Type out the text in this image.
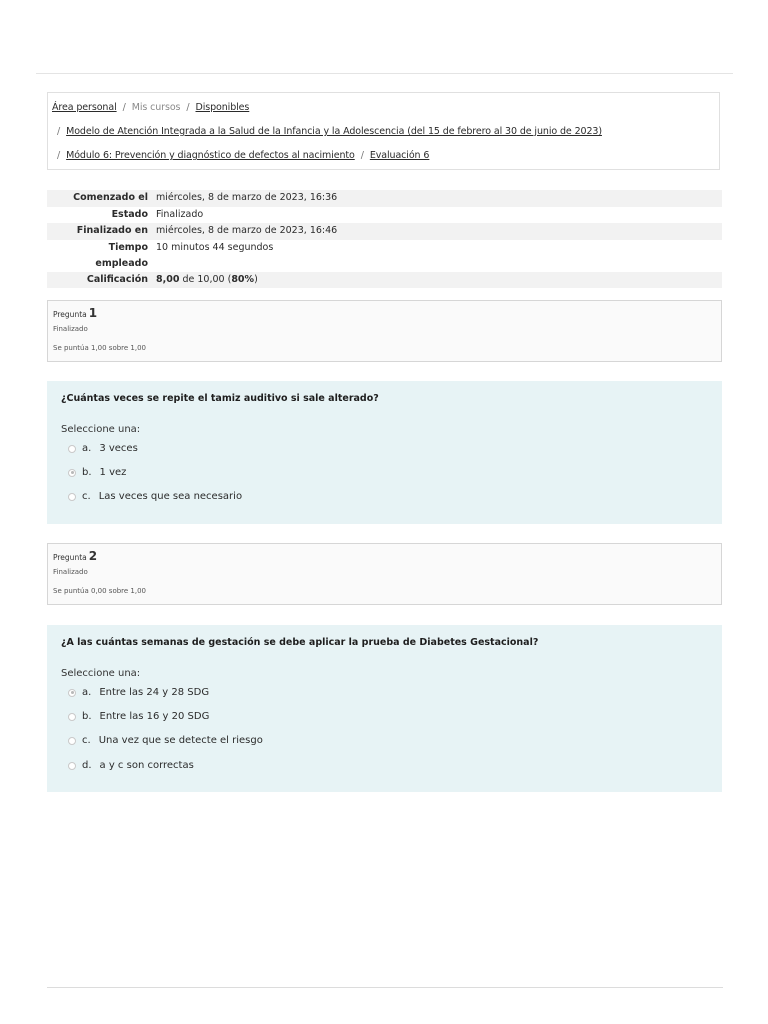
Área personal / Mis cursos / Disponibles
/ Modelo de Atención Integrada a la Salud de la Infancia y la Adolescencia (del 15 de febrero al 30 de junio de 2023)
/ Módulo 6: Prevención y diagnóstico de defectos al nacimiento / Evaluación 6
Comenzado el	miércoles, 8 de marzo de 2023, 16:36
Estado	Finalizado
Finalizado en	miércoles, 8 de marzo de 2023, 16:46
Tiempo
empleado	10 minutos 44 segundos
Calificación	8,00 de 10,00 (80%)
Pregunta 1
Finalizado
Se puntúa 1,00 sobre 1,00
¿Cuántas veces se repite el tamiz auditivo si sale alterado?
Seleccione una:
a. 3 veces
b. 1 vez
c. Las veces que sea necesario
Pregunta 2
Finalizado
Se puntúa 0,00 sobre 1,00
¿A las cuántas semanas de gestación se debe aplicar la prueba de Diabetes Gestacional?
Seleccione una:
a. Entre las 24 y 28 SDG
b. Entre las 16 y 20 SDG
c. Una vez que se detecte el riesgo
d. a y c son correctas
